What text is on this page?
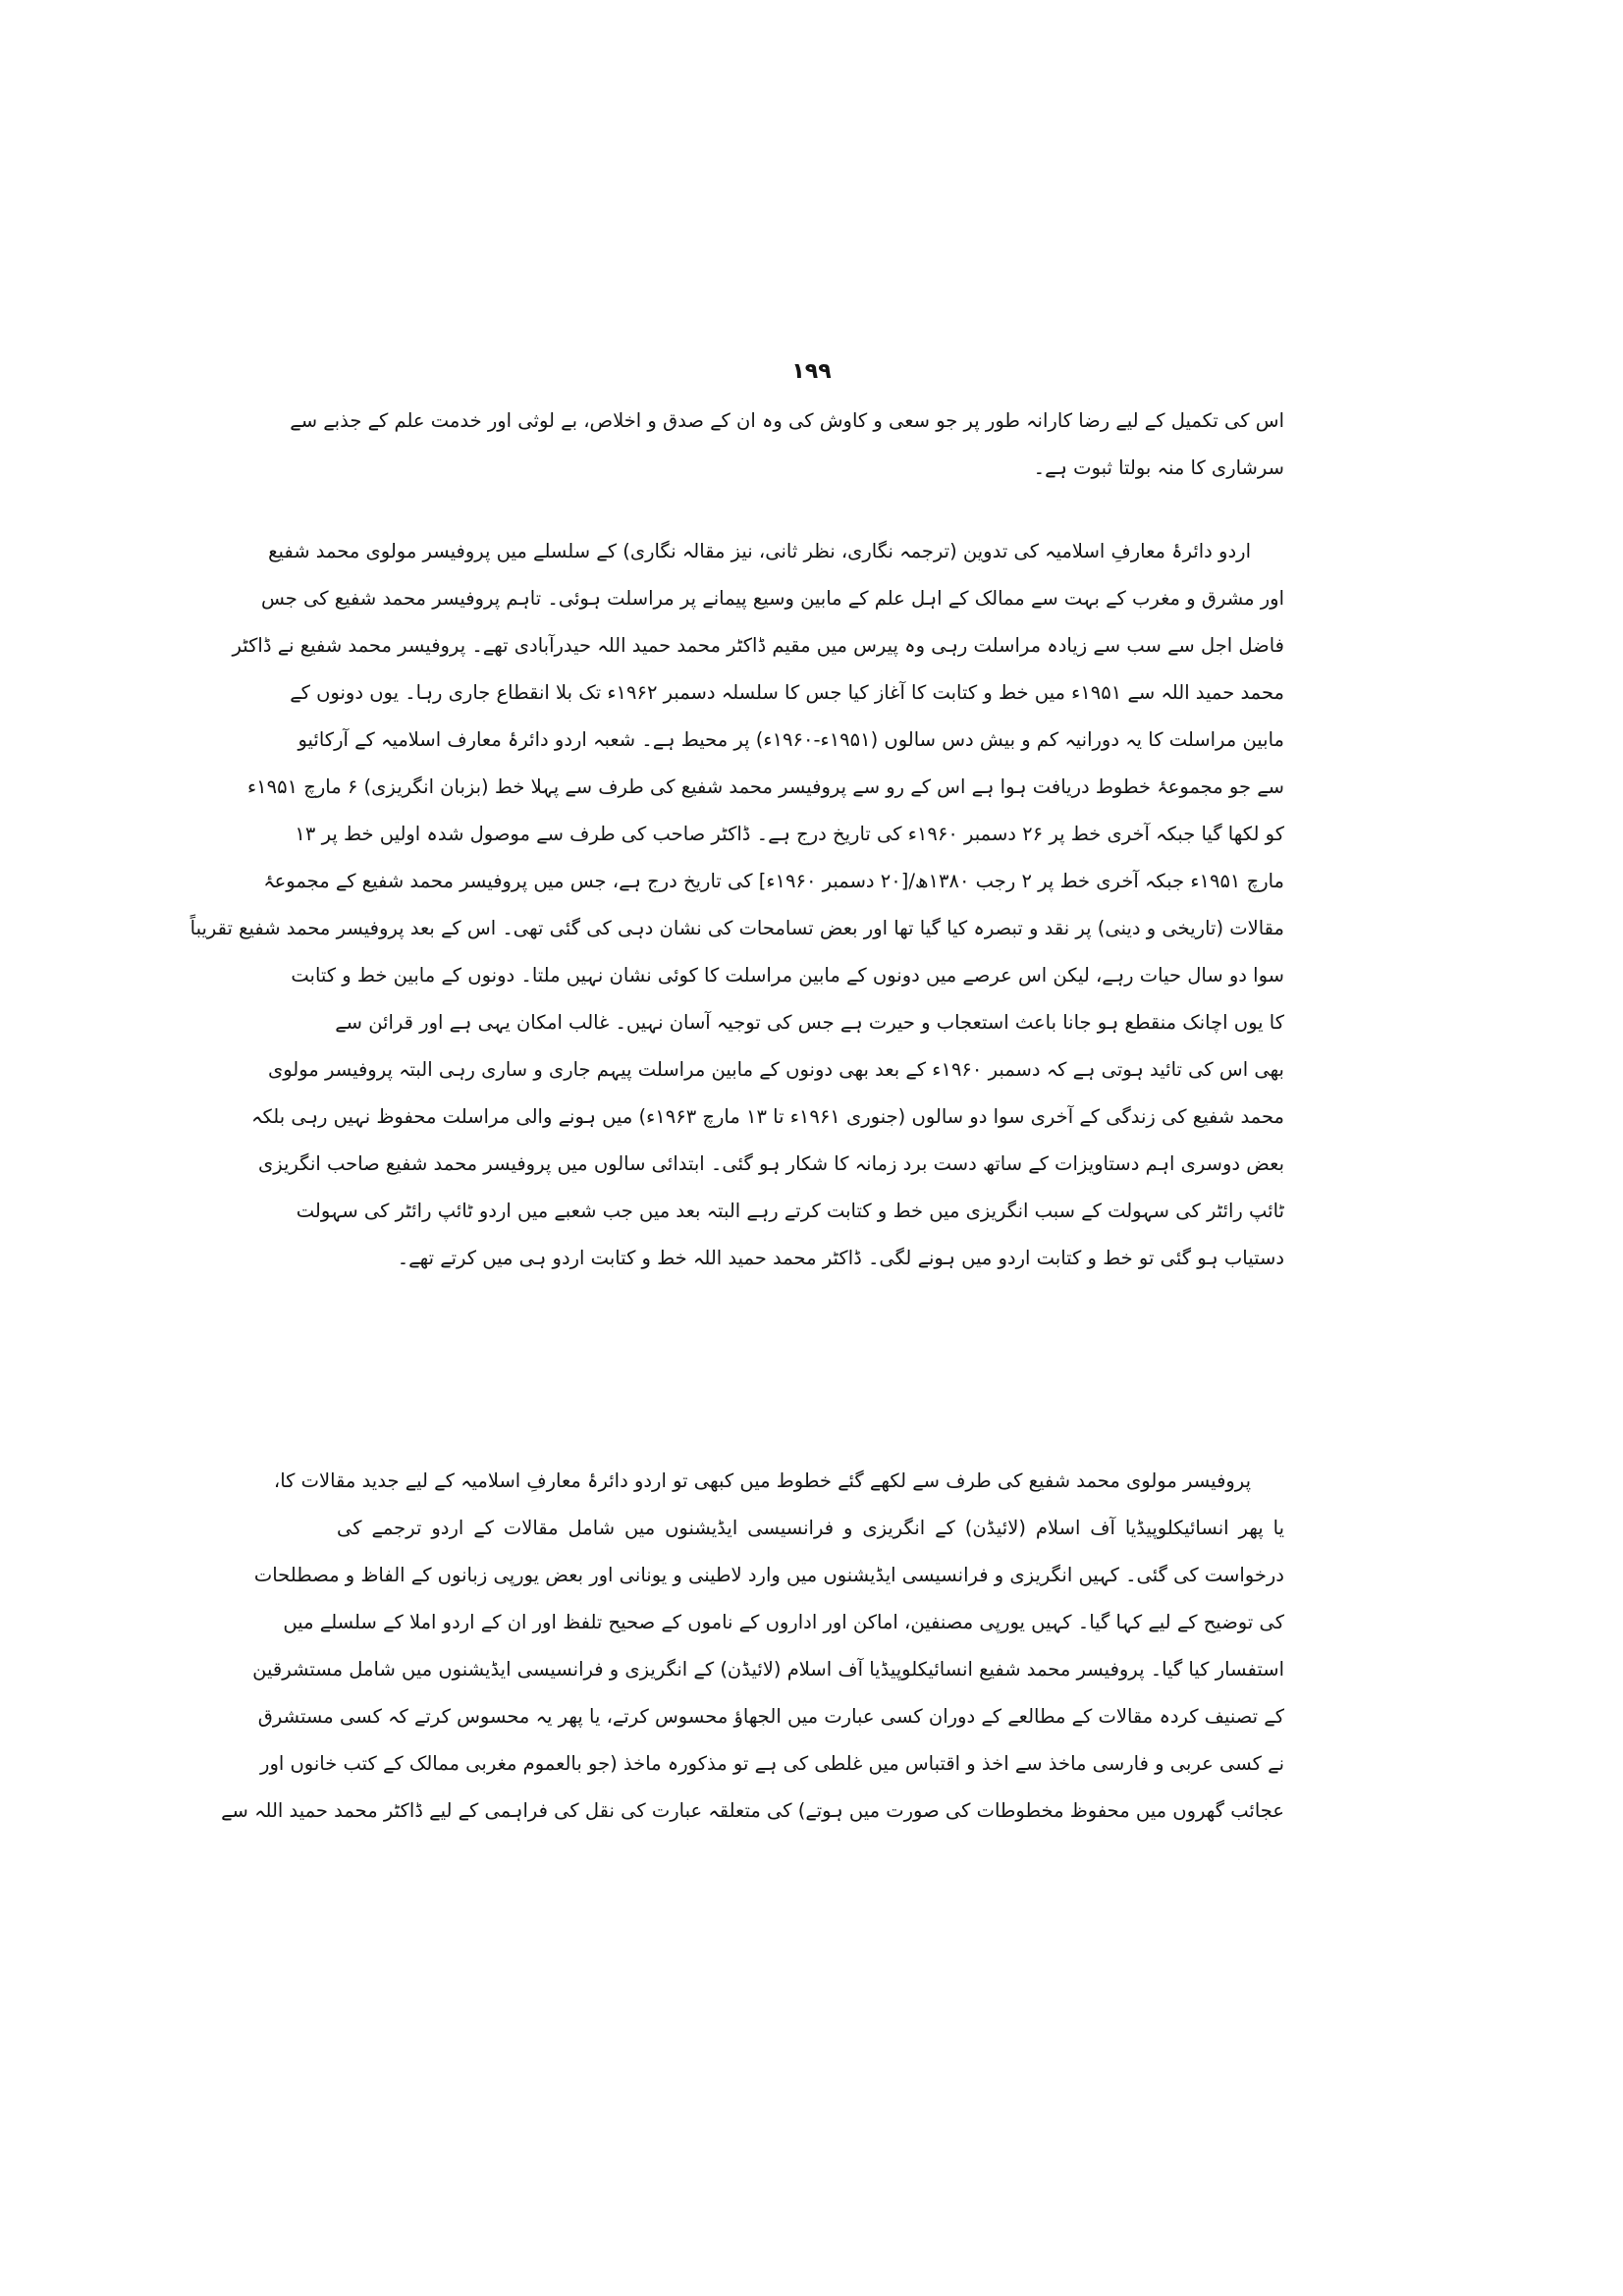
١٩٩
اس کی تکمیل کے لیے رضا کارانہ طور پر جو سعی و کاوش کی وہ ان کے صدق و اخلاص، بے لوثی اور خدمت علم کے جذبے سے
سرشاری کا منہ بولتا ثبوت ہے۔
اردو دائرۂ معارفِ اسلامیہ کی تدوین (ترجمہ نگاری، نظر ثانی، نیز مقالہ نگاری) کے سلسلے میں پروفیسر مولوی محمد شفیع
اور مشرق و مغرب کے بہت سے ممالک کے اہل علم کے مابین وسیع پیمانے پر مراسلت ہوئی۔ تاہم پروفیسر محمد شفیع کی جس
فاضل اجل سے سب سے زیادہ مراسلت رہی وہ پیرس میں مقیم ڈاکٹر محمد حمید اللہ حیدرآبادی تھے۔ پروفیسر محمد شفیع نے ڈاکٹر
محمد حمید اللہ سے ۱۹۵۱ء میں خط و کتابت کا آغاز کیا جس کا سلسلہ دسمبر ۱۹۶۲ء تک بلا انقطاع جاری رہا۔ یوں دونوں کے
مابین مراسلت کا یہ دورانیہ کم و بیش دس سالوں (۱۹۵۱ء-۱۹۶۰ء) پر محیط ہے۔ شعبہ اردو دائرۂ معارف اسلامیہ کے آرکائیو
سے جو مجموعۂ خطوط دریافت ہوا ہے اس کے رو سے پروفیسر محمد شفیع کی طرف سے پہلا خط (بزبان انگریزی) ۶ مارچ ۱۹۵۱ء
کو لکھا گیا جبکہ آخری خط پر ۲۶ دسمبر ۱۹۶۰ء کی تاریخ درج ہے۔ ڈاکٹر صاحب کی طرف سے موصول شدہ اولیں خط پر ۱۳
مارچ ۱۹۵۱ء جبکہ آخری خط پر ۲ رجب ۱۳۸۰ھ/[۲۰ دسمبر ۱۹۶۰ء] کی تاریخ درج ہے، جس میں پروفیسر محمد شفیع کے مجموعۂ
مقالات (تاریخی و دینی) پر نقد و تبصرہ کیا گیا تھا اور بعض تسامحات کی نشان دہی کی گئی تھی۔ اس کے بعد پروفیسر محمد شفیع تقریباً
سوا دو سال حیات رہے، لیکن اس عرصے میں دونوں کے مابین مراسلت کا کوئی نشان نہیں ملتا۔ دونوں کے مابین خط و کتابت
کا یوں اچانک منقطع ہو جانا باعث استعجاب و حیرت ہے جس کی توجیہ آسان نہیں۔ غالب امکان یہی ہے اور قرائن سے
بھی اس کی تائید ہوتی ہے کہ دسمبر ۱۹۶۰ء کے بعد بھی دونوں کے مابین مراسلت پیہم جاری و ساری رہی البتہ پروفیسر مولوی
محمد شفیع کی زندگی کے آخری سوا دو سالوں (جنوری ۱۹۶۱ء تا ۱۳ مارچ ۱۹۶۳ء) میں ہونے والی مراسلت محفوظ نہیں رہی بلکہ
بعض دوسری اہم دستاویزات کے ساتھ دست برد زمانہ کا شکار ہو گئی۔ ابتدائی سالوں میں پروفیسر محمد شفیع صاحب انگریزی
ٹائپ رائٹر کی سہولت کے سبب انگریزی میں خط و کتابت کرتے رہے البتہ بعد میں جب شعبے میں اردو ٹائپ رائٹر کی سہولت
دستیاب ہو گئی تو خط و کتابت اردو میں ہونے لگی۔ ڈاکٹر محمد حمید اللہ خط و کتابت اردو ہی میں کرتے تھے۔
پروفیسر مولوی محمد شفیع کی طرف سے لکھے گئے خطوط میں کبھی تو اردو دائرۂ معارفِ اسلامیہ کے لیے جدید مقالات کا،
یا پھر انسائیکلوپیڈیا آف اسلام (لائیڈن) کے انگریزی و فرانسیسی ایڈیشنوں میں شامل مقالات کے اردو ترجمے کی
درخواست کی گئی۔ کہیں انگریزی و فرانسیسی ایڈیشنوں میں وارد لاطینی و یونانی اور بعض یورپی زبانوں کے الفاظ و مصطلحات
کی توضیح کے لیے کہا گیا۔ کہیں یورپی مصنفین، اماکن اور اداروں کے ناموں کے صحیح تلفظ اور ان کے اردو املا کے سلسلے میں
استفسار کیا گیا۔ پروفیسر محمد شفیع انسائیکلوپیڈیا آف اسلام (لائیڈن) کے انگریزی و فرانسیسی ایڈیشنوں میں شامل مستشرقین
کے تصنیف کردہ مقالات کے مطالعے کے دوران کسی عبارت میں الجھاؤ محسوس کرتے، یا پھر یہ محسوس کرتے کہ کسی مستشرق
نے کسی عربی و فارسی ماخذ سے اخذ و اقتباس میں غلطی کی ہے تو مذکورہ ماخذ (جو بالعموم مغربی ممالک کے کتب خانوں اور
عجائب گھروں میں محفوظ مخطوطات کی صورت میں ہوتے) کی متعلقہ عبارت کی نقل کی فراہمی کے لیے ڈاکٹر محمد حمید اللہ سے
